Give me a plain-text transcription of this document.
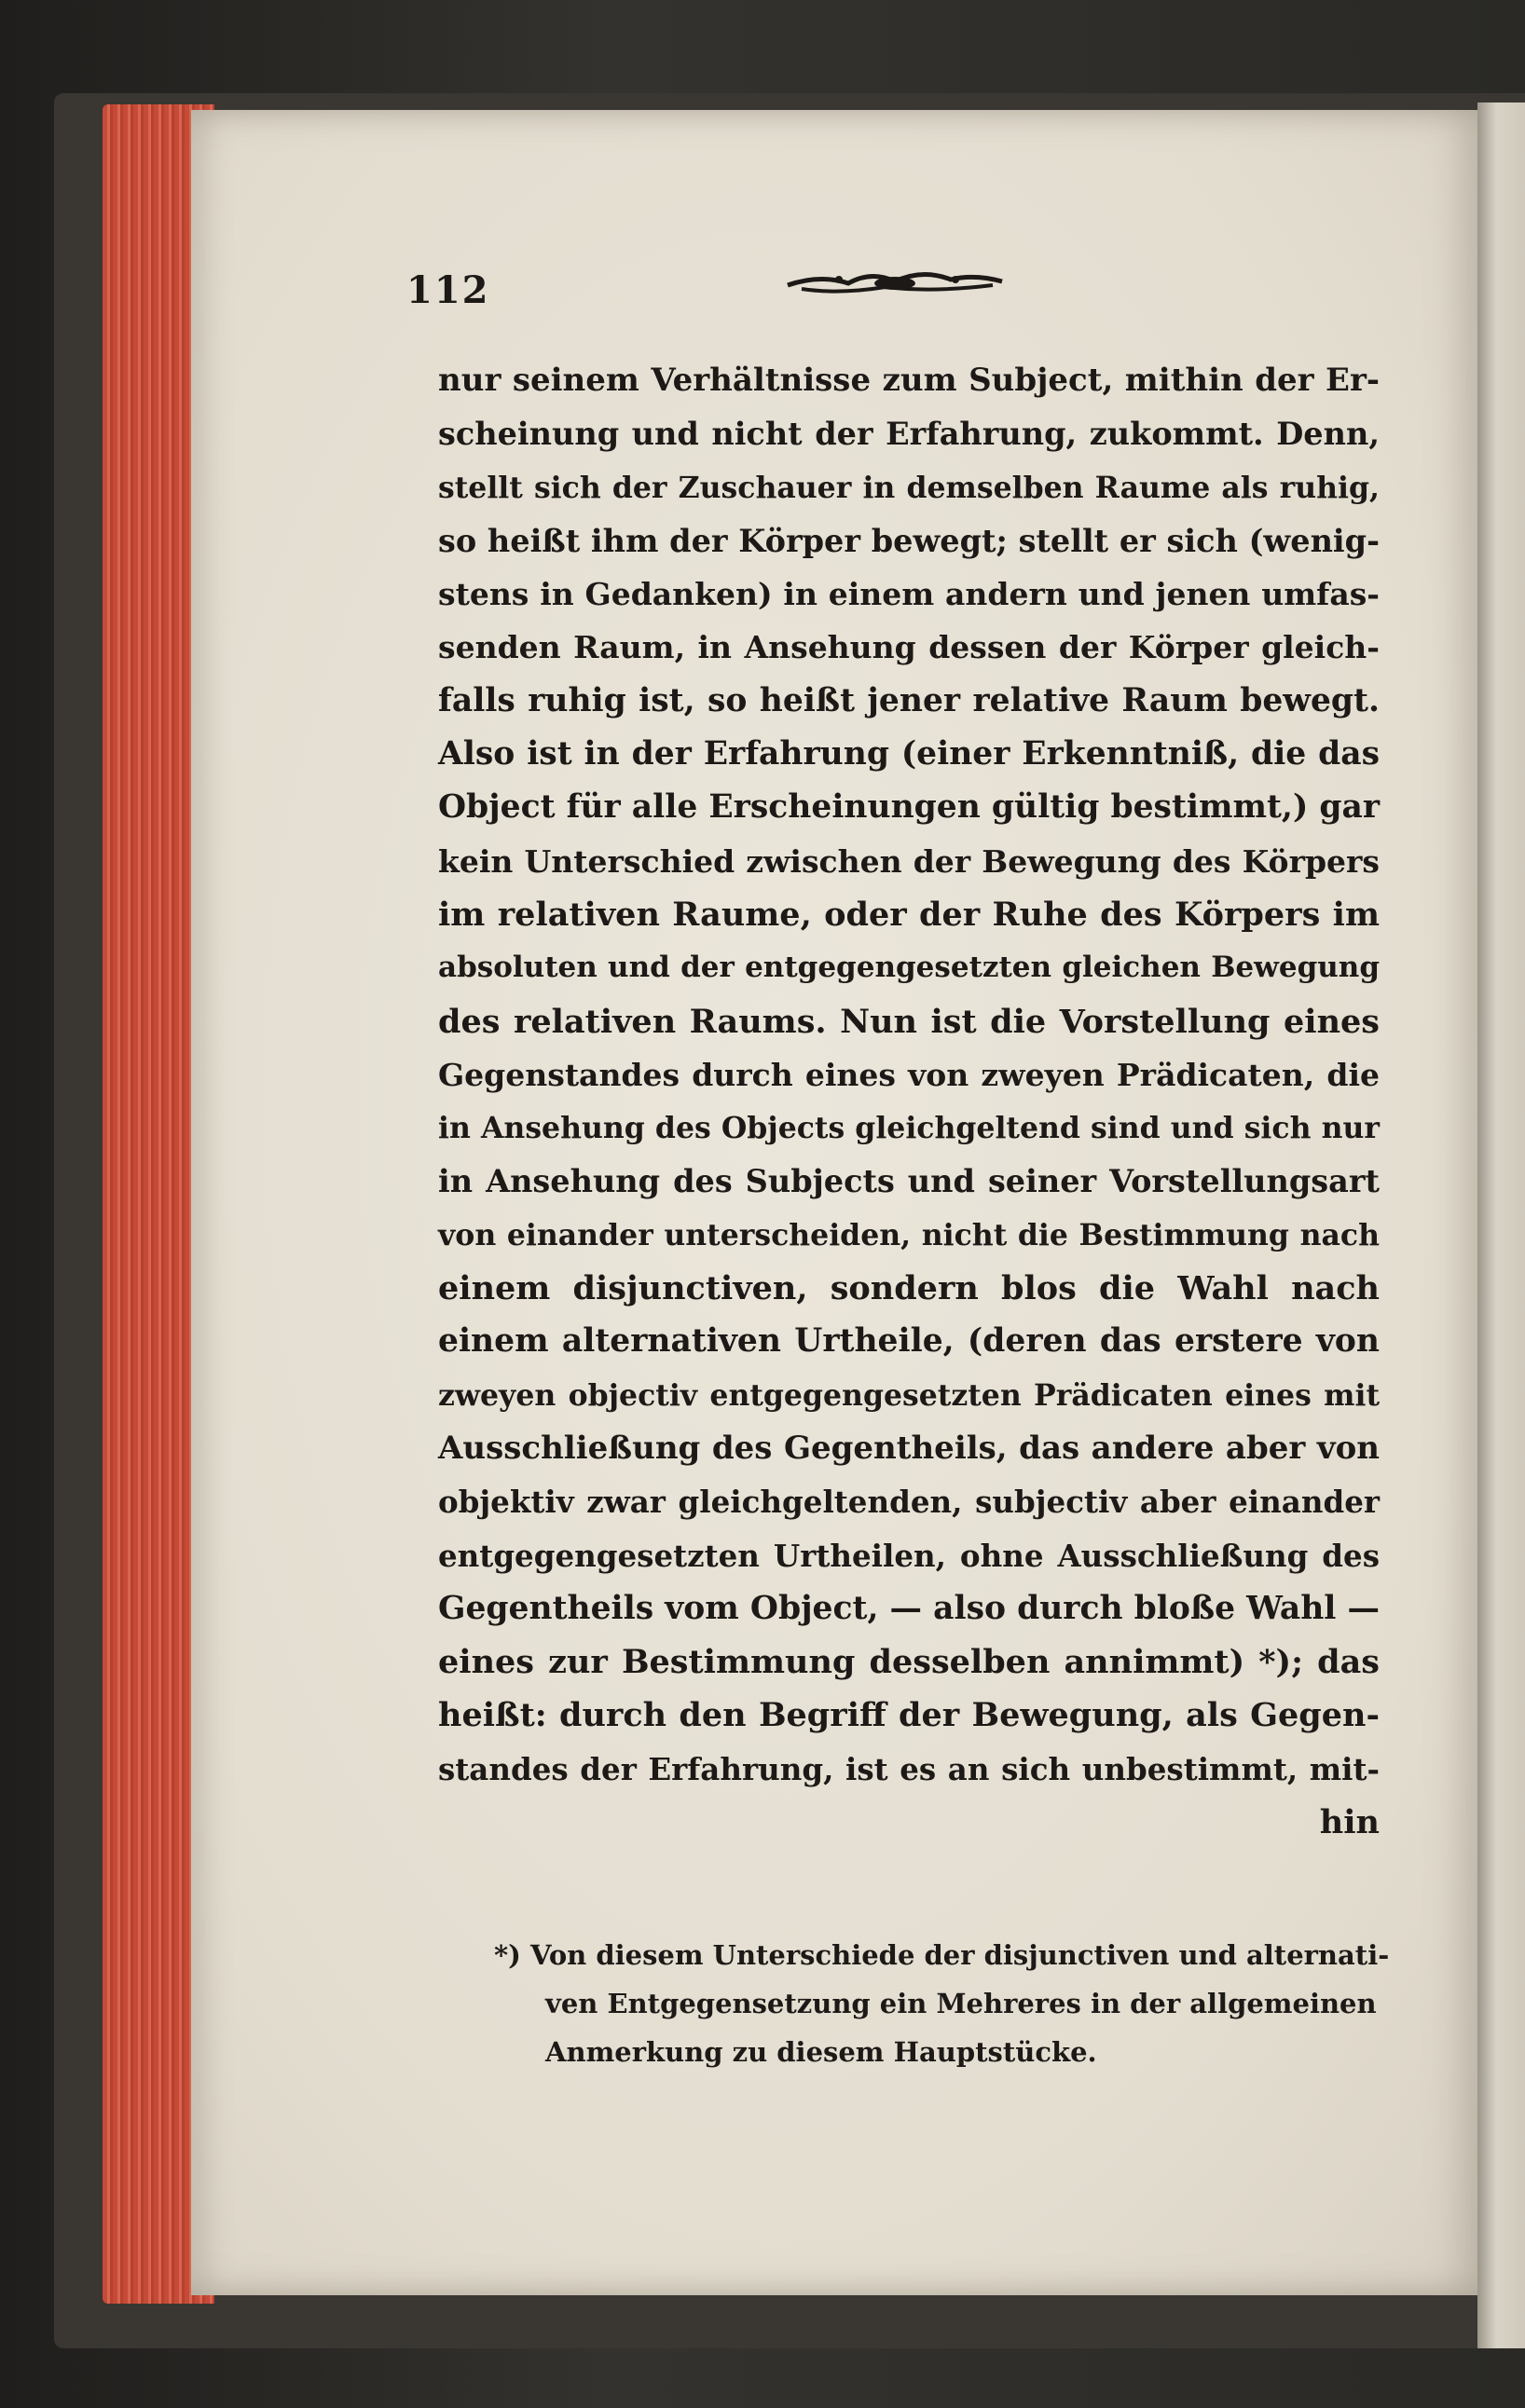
112
nur seinem Verhältnisse zum Subject, mithin der Er-
scheinung und nicht der Erfahrung, zukommt. Denn,
stellt sich der Zuschauer in demselben Raume als ruhig,
so heißt ihm der Körper bewegt; stellt er sich (wenig-
stens in Gedanken) in einem andern und jenen umfas-
senden Raum, in Ansehung dessen der Körper gleich-
falls ruhig ist, so heißt jener relative Raum bewegt.
Also ist in der Erfahrung (einer Erkenntniß, die das
Object für alle Erscheinungen gültig bestimmt,) gar
kein Unterschied zwischen der Bewegung des Körpers
im relativen Raume, oder der Ruhe des Körpers im
absoluten und der entgegengesetzten gleichen Bewegung
des relativen Raums. Nun ist die Vorstellung eines
Gegenstandes durch eines von zweyen Prädicaten, die
in Ansehung des Objects gleichgeltend sind und sich nur
in Ansehung des Subjects und seiner Vorstellungsart
von einander unterscheiden, nicht die Bestimmung nach
einem disjunctiven, sondern blos die Wahl nach
einem alternativen Urtheile, (deren das erstere von
zweyen objectiv entgegengesetzten Prädicaten eines mit
Ausschließung des Gegentheils, das andere aber von
objektiv zwar gleichgeltenden, subjectiv aber einander
entgegengesetzten Urtheilen, ohne Ausschließung des
Gegentheils vom Object, — also durch bloße Wahl —
eines zur Bestimmung desselben annimmt) *); das
heißt: durch den Begriff der Bewegung, als Gegen-
standes der Erfahrung, ist es an sich unbestimmt, mit-
hin
*) Von diesem Unterschiede der disjunctiven und alternati-
ven Entgegensetzung ein Mehreres in der allgemeinen
Anmerkung zu diesem Hauptstücke.
